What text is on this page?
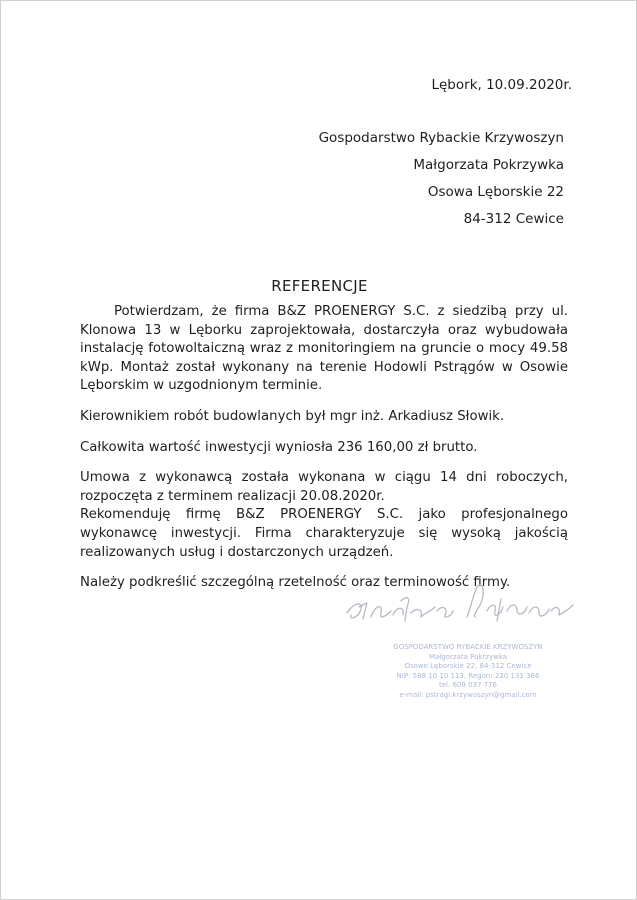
Lębork, 10.09.2020r.
Gospodarstwo Rybackie Krzywoszyn
Małgorzata Pokrzywka
Osowa Lęborskie 22
84-312 Cewice
REFERENCJE

Potwierdzam, że firma B&Z PROENERGY S.C. z siedzibą przy ul. Klonowa 13 w Lęborku zaprojektowała, dostarczyła oraz wybudowała instalację fotowoltaiczną wraz z monitoringiem na gruncie o mocy 49.58 kWp. Montaż został wykonany na terenie Hodowli Pstrągów w Osowie Lęborskim w uzgodnionym terminie.

Kierownikiem robót budowlanych był mgr inż. Arkadiusz Słowik.

Całkowita wartość inwestycji wyniosła 236 160,00 zł brutto.

Umowa z wykonawcą została wykonana w ciągu 14 dni roboczych, rozpoczęta z terminem realizacji 20.08.2020r.

Rekomenduję firmę B&Z PROENERGY S.C. jako profesjonalnego wykonawcę inwestycji. Firma charakteryzuje się wysoką jakością realizowanych usług i dostarczonych urządzeń.

Należy podkreślić szczególną rzetelność oraz terminowość firmy.

GOSPODARSTWO RYBACKIE KRZYWOSZYN
Małgorzata Pokrzywka
Osowo Lęborskie 22, 84-312 Cewice
NIP: 588 10 10 113, Regon: 220 131 366
tel. 609 037 776
e-mail: pstragi.krzywoszyn@gmail.com
